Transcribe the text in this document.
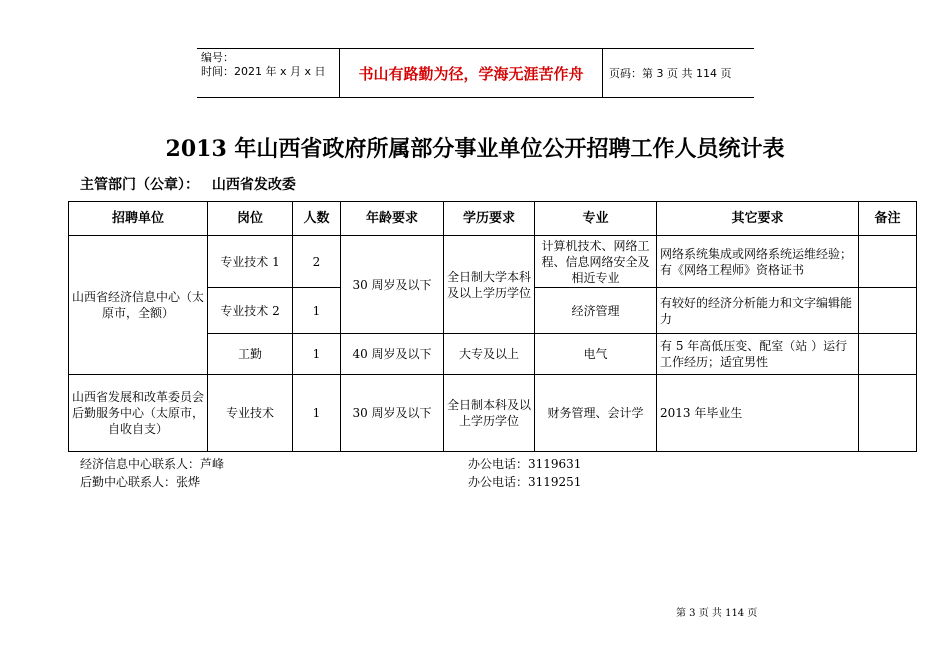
编号：
时间：2021 年 x 月 x 日	书山有路勤为径，学海无涯苦作舟	页码：第 3 页 共 114 页
2013 年山西省政府所属部分事业单位公开招聘工作人员统计表
主管部门（公章）： 山西省发改委
招聘单位	岗位	人数	年龄要求	学历要求	专业	其它要求	备注
山西省经济信息中心（太原市，全额）	专业技术 1	2	30 周岁及以下	全日制大学本科及以上学历学位	计算机技术、网络工程、信息网络安全及相近专业	网络系统集成或网络系统运维经验； 有《网络工程师》资格证书	
	专业技术 2	1			经济管理	有较好的经济分析能力和文字编辑能力	
	工勤	1	40 周岁及以下	大专及以上	电气	有 5 年高低压变、配室（站 ）运行工作经历；适宜男性	
山西省发展和改革委员会后勤服务中心（太原市，自收自支）	专业技术	1	30 周岁及以下	全日制本科及以上学历学位	财务管理、会计学	2013 年毕业生	
经济信息中心联系人：芦峰	办公电话：3119631
后勤中心联系人：张烨	办公电话：3119251
第 3 页 共 114 页
